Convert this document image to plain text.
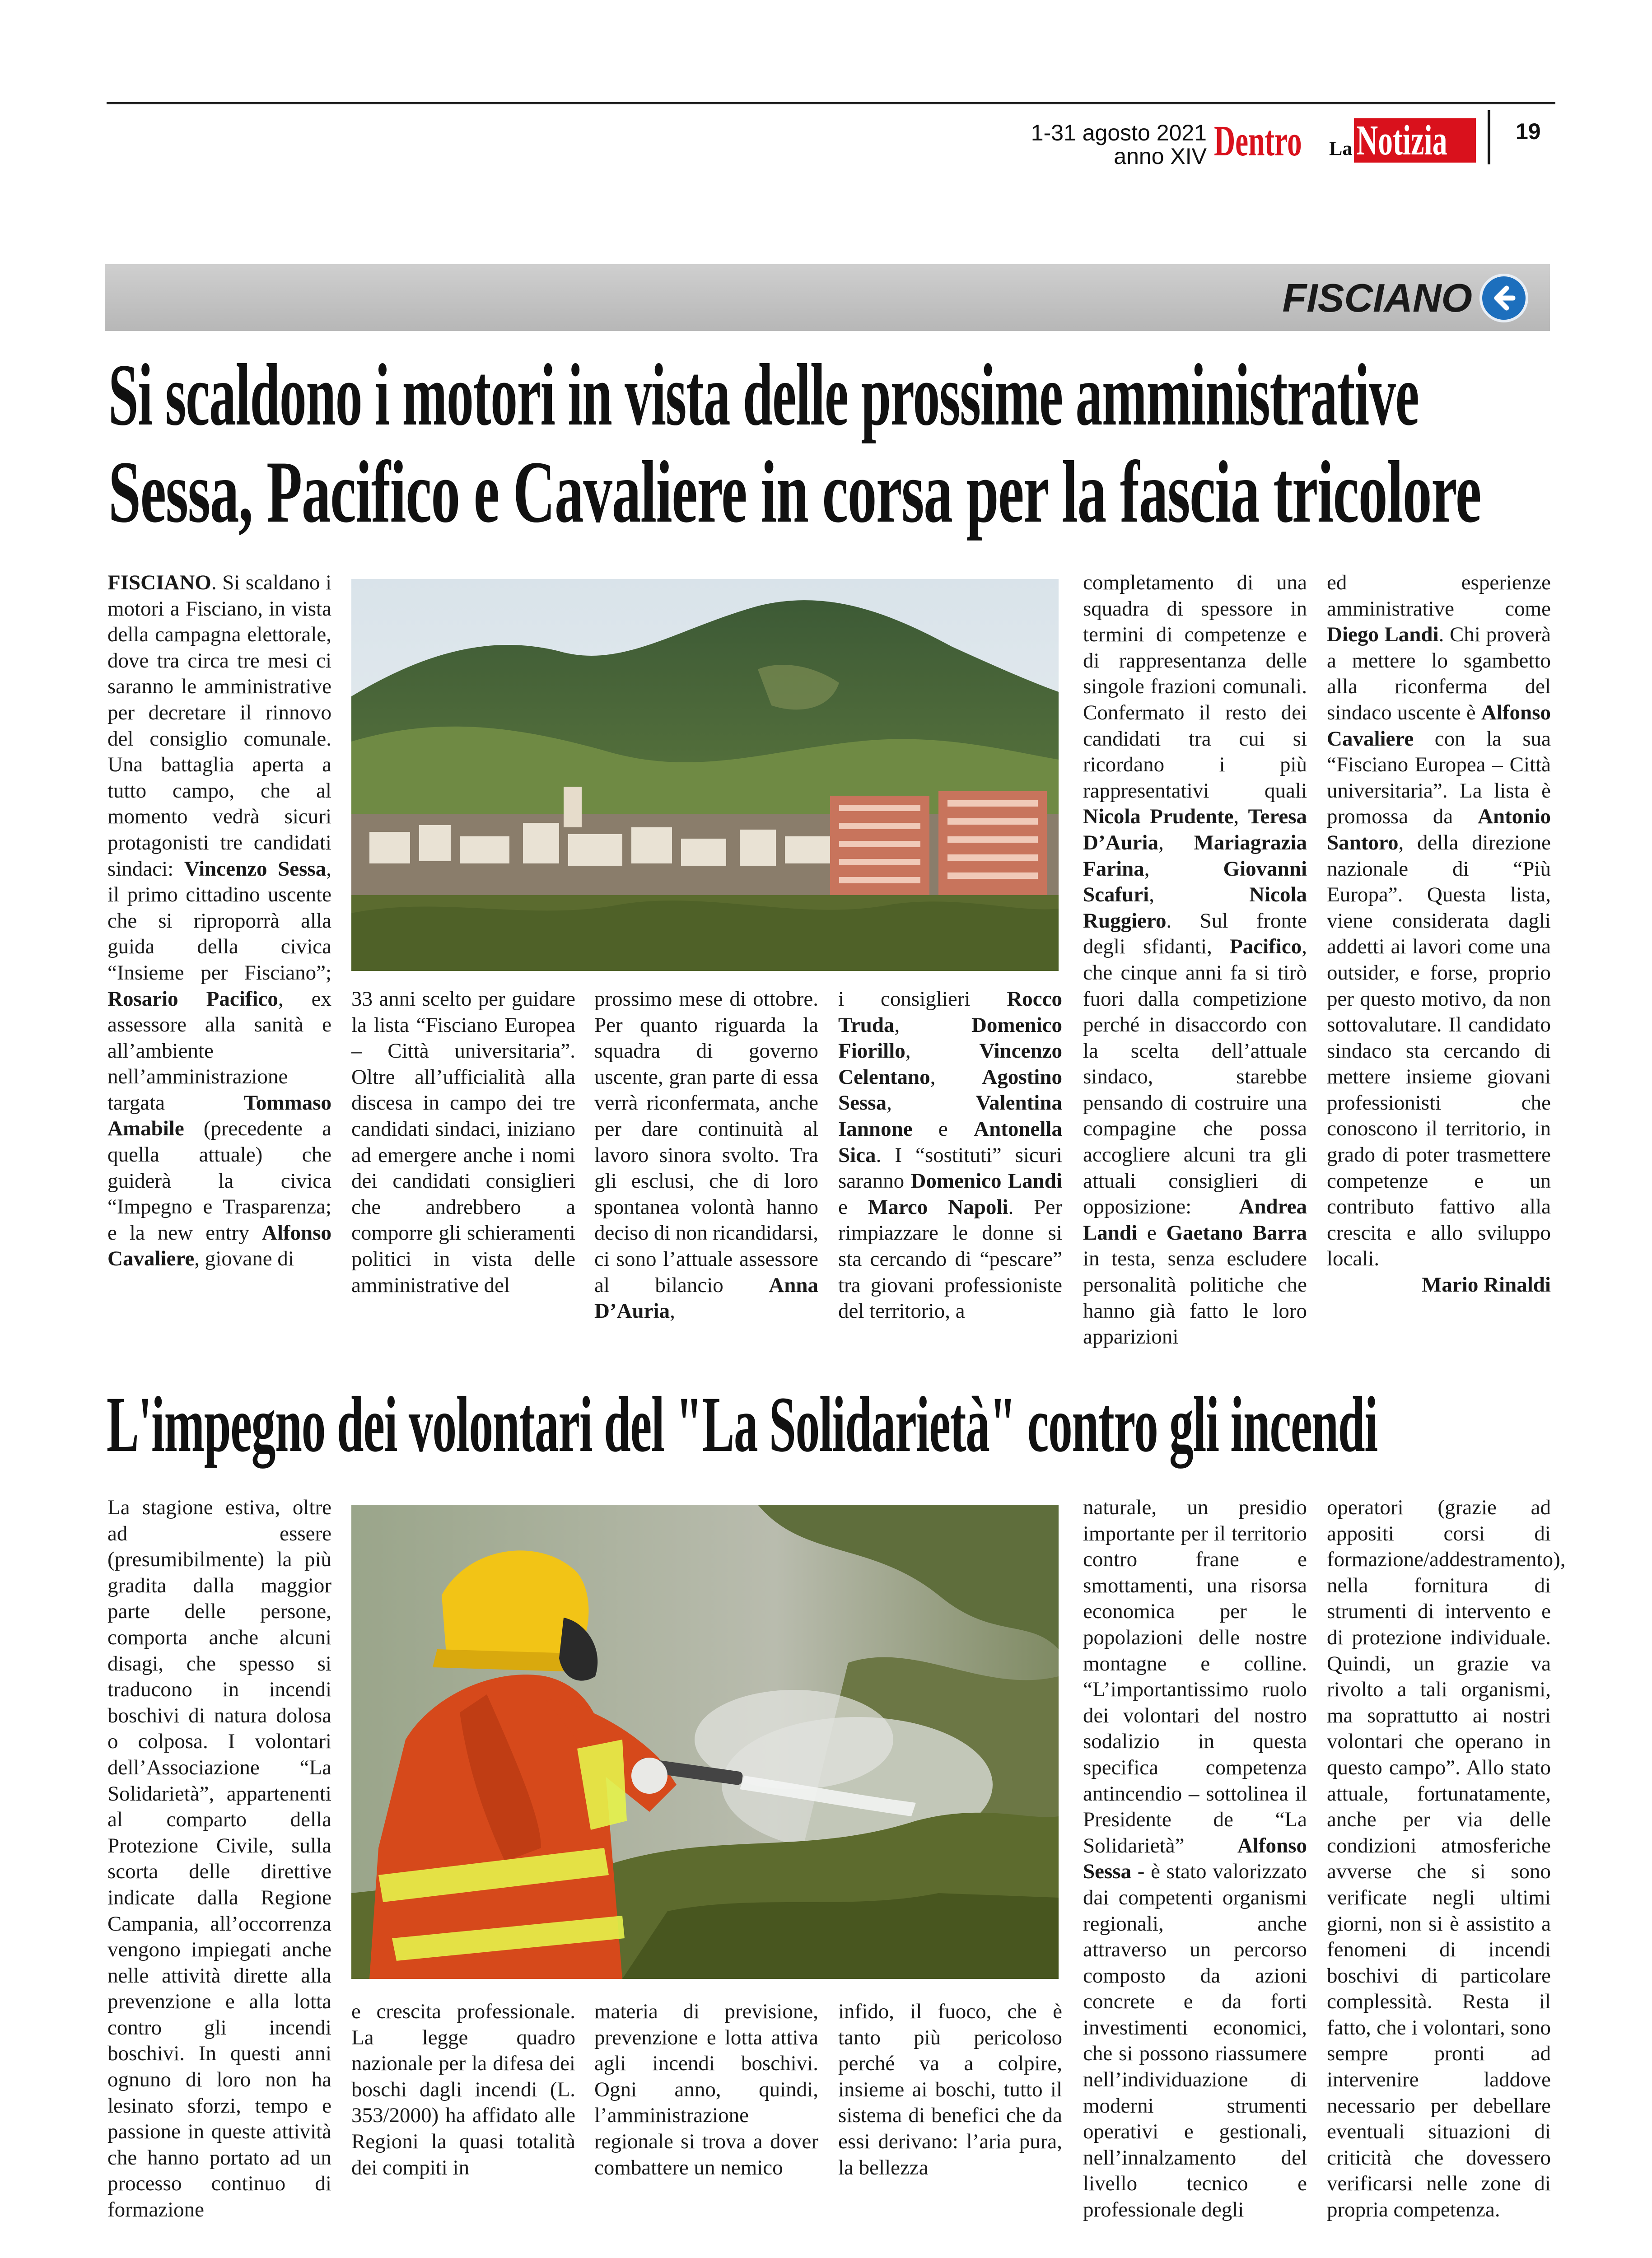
1-31 agosto 2021
anno XIV Dentro La Notizia	19
FISCIANO
Si scaldono i motori in vista delle prossime amministrative
Sessa, Pacifico e Cavaliere in corsa per la fascia tricolore

FISCIANO. Si scaldano i motori a Fisciano, in vista della campagna elettorale, dove tra circa tre mesi ci saranno le amministrative per decretare il rinnovo del consiglio comunale. Una battaglia aperta a tutto campo, che al momento vedrà sicuri protagonisti tre candidati sindaci: Vincenzo Sessa, il primo cittadino uscente che si riproporrà alla guida della civica “Insieme per Fisciano”; Rosario Pacifico, ex assessore alla sanità e all’ambiente nell’amministrazione targata Tommaso Amabile (precedente a quella attuale) che guiderà la civica “Impegno e Trasparenza; e la new entry Alfonso Cavaliere, giovane di

33 anni scelto per guidare la lista “Fisciano Europea – Città universitaria”. Oltre all’ufficialità alla discesa in campo dei tre candidati sindaci, iniziano ad emergere anche i nomi dei candidati consiglieri che andrebbero a comporre gli schieramenti politici in vista delle amministrative del

prossimo mese di ottobre. Per quanto riguarda la squadra di governo uscente, gran parte di essa verrà riconfermata, anche per dare continuità al lavoro sinora svolto. Tra gli esclusi, che di loro spontanea volontà hanno deciso di non ricandidarsi, ci sono l’attuale assessore al bilancio Anna D’Auria,

i consiglieri Rocco Truda, Domenico Fiorillo, Vincenzo Celentano, Agostino Sessa, Valentina Iannone e Antonella Sica. I “sostituti” sicuri saranno Domenico Landi e Marco Napoli. Per rimpiazzare le donne si sta cercando di “pescare” tra giovani professioniste del territorio, a

completamento di una squadra di spessore in termini di competenze e di rappresentanza delle singole frazioni comunali. Confermato il resto dei candidati tra cui si ricordano i più rappresentativi quali Nicola Prudente, Teresa D’Auria, Mariagrazia Farina, Giovanni Scafuri, Nicola Ruggiero. Sul fronte degli sfidanti, Pacifico, che cinque anni fa si tirò fuori dalla competizione perché in disaccordo con la scelta dell’attuale sindaco, starebbe pensando di costruire una compagine che possa accogliere alcuni tra gli attuali consiglieri di opposizione: Andrea Landi e Gaetano Barra in testa, senza escludere personalità politiche che hanno già fatto le loro apparizioni

ed esperienze amministrative come Diego Landi. Chi proverà a mettere lo sgambetto alla riconferma del sindaco uscente è Alfonso Cavaliere con la sua “Fisciano Europea – Città universitaria”. La lista è promossa da Antonio Santoro, della direzione nazionale di “Più Europa”. Questa lista, viene considerata dagli addetti ai lavori come una outsider, e forse, proprio per questo motivo, da non sottovalutare. Il candidato sindaco sta cercando di mettere insieme giovani professionisti che conoscono il territorio, in grado di poter trasmettere competenze e un contributo fattivo alla crescita e allo sviluppo locali.

Mario Rinaldi
L'impegno dei volontari del "La Solidarietà" contro gli incendi

La stagione estiva, oltre ad essere (presumibilmente) la più gradita dalla maggior parte delle persone, comporta anche alcuni disagi, che spesso si traducono in incendi boschivi di natura dolosa o colposa. I volontari dell’Associazione “La Solidarietà”, appartenenti al comparto della Protezione Civile, sulla scorta delle direttive indicate dalla Regione Campania, all’occorrenza vengono impiegati anche nelle attività dirette alla prevenzione e alla lotta contro gli incendi boschivi. In questi anni ognuno di loro non ha lesinato sforzi, tempo e passione in queste attività che hanno portato ad un processo continuo di formazione

e crescita professionale. La legge quadro nazionale per la difesa dei boschi dagli incendi (L. 353/2000) ha affidato alle Regioni la quasi totalità dei compiti in

materia di previsione, prevenzione e lotta attiva agli incendi boschivi. Ogni anno, quindi, l’amministrazione regionale si trova a dover combattere un nemico

infido, il fuoco, che è tanto più pericoloso perché va a colpire, insieme ai boschi, tutto il sistema di benefici che da essi derivano: l’aria pura, la bellezza

naturale, un presidio importante per il territorio contro frane e smottamenti, una risorsa economica per le popolazioni delle nostre montagne e colline. “L’importantissimo ruolo dei volontari del nostro sodalizio in questa specifica competenza antincendio – sottolinea il Presidente de “La Solidarietà” Alfonso Sessa - è stato valorizzato dai competenti organismi regionali, anche attraverso un percorso composto da azioni concrete e da forti investimenti economici, che si possono riassumere nell’individuazione di moderni strumenti operativi e gestionali, nell’innalzamento del livello tecnico e professionale degli

operatori (grazie ad appositi corsi di formazione/addestramento), nella fornitura di strumenti di intervento e di protezione individuale. Quindi, un grazie va rivolto a tali organismi, ma soprattutto ai nostri volontari che operano in questo campo”. Allo stato attuale, fortunatamente, anche per via delle condizioni atmosferiche avverse che si sono verificate negli ultimi giorni, non si è assistito a fenomeni di incendi boschivi di particolare complessità. Resta il fatto, che i volontari, sono sempre pronti ad intervenire laddove necessario per debellare eventuali situazioni di criticità che dovessero verificarsi nelle zone di propria competenza.
